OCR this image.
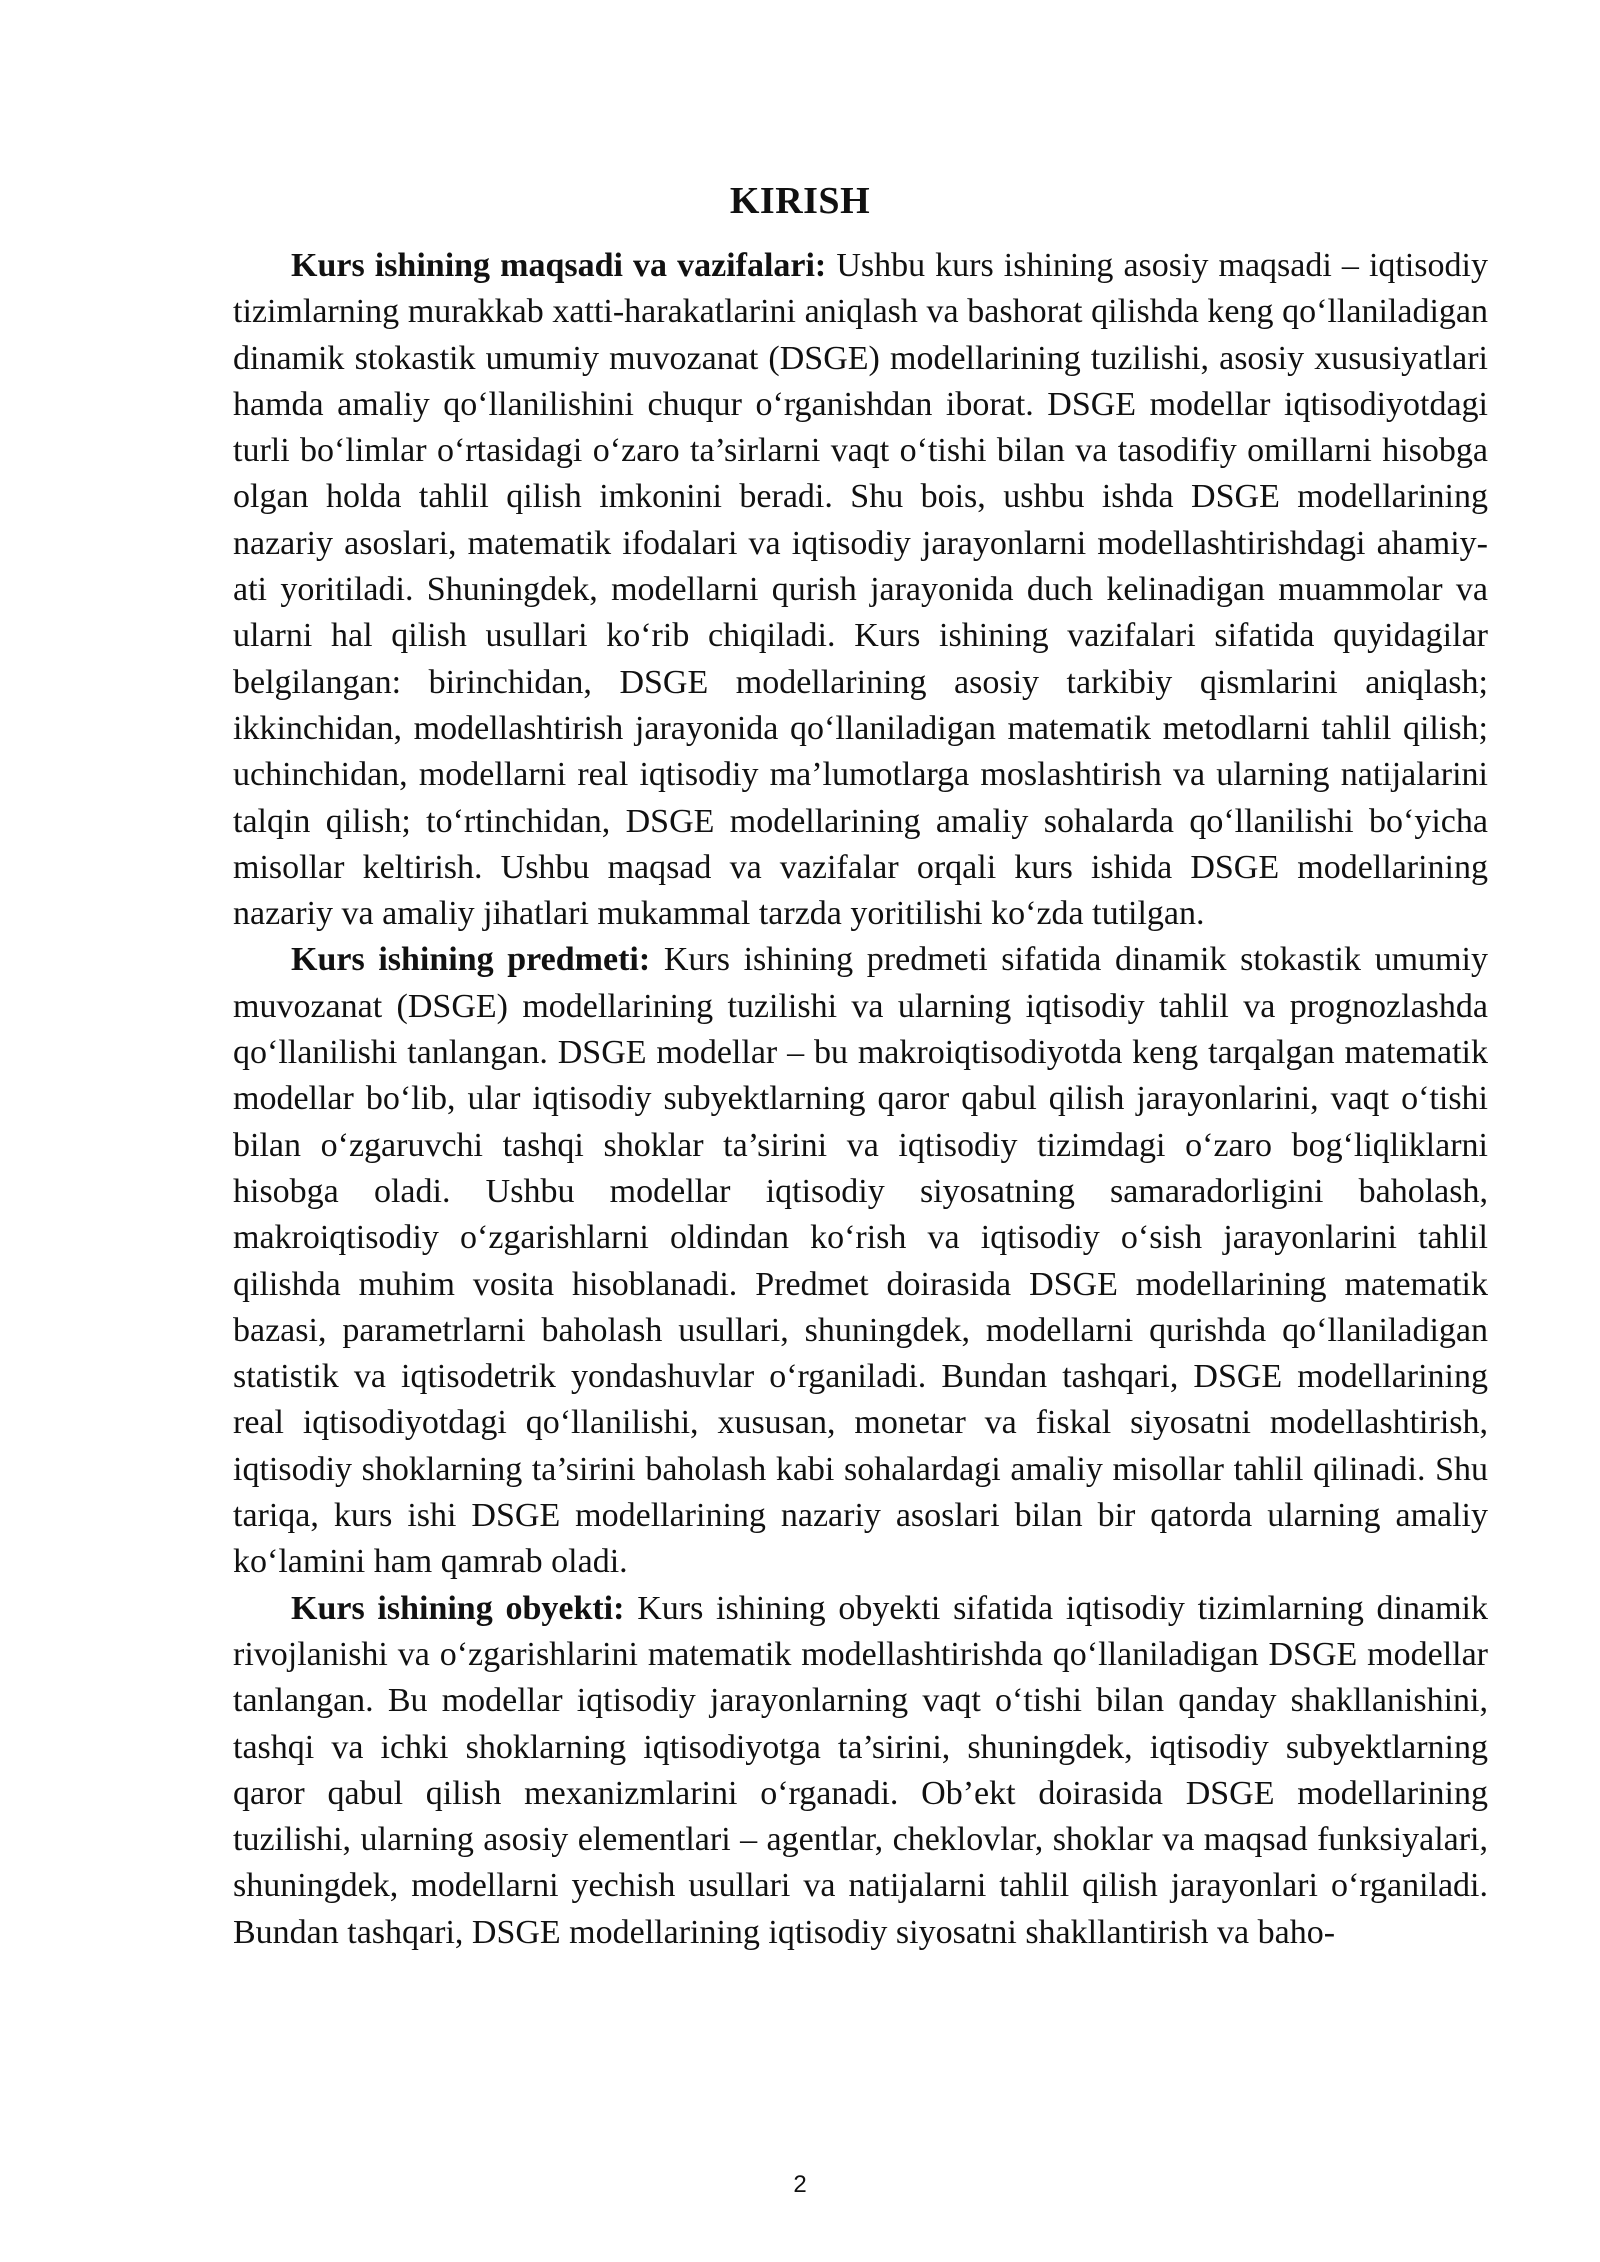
KIRISH

Kurs ishining maqsadi va vazifalari: Ushbu kurs ishining asosiy maqsadi – iqtisodiy tizimlarning murakkab xatti-harakatlarini aniqlash va bashorat qilishda keng qo‘llaniladigan dinamik stokastik umumiy muvozanat (DSGE) modellarining tuzilishi, asosiy xususiyatlari hamda amaliy qo‘llanilishini chuqur o‘rganishdan iborat. DSGE modellar iqtisodiyotdagi turli bo‘limlar o‘rtasidagi o‘zaro ta’sirlarni vaqt o‘tishi bilan va tasodifiy omillarni hisobga olgan holda tahlil qilish imkonini beradi. Shu bois, ushbu ishda DSGE modellarining nazariy asoslari, matematik ifodalari va iqtisodiy jarayonlarni modellashtirishdagi ahamiyati yoritiladi. Shuningdek, modellarni qurish jarayonida duch kelinadigan muammolar va ularni hal qilish usullari ko‘rib chiqiladi. Kurs ishining vazifalari sifatida quyidagilar belgilangan: birinchidan, DSGE modellarining asosiy tarkibiy qismlarini aniqlash; ikkinchidan, modellashtirish jarayonida qo‘llaniladigan matematik metodlarni tahlil qilish; uchinchidan, modellarni real iqtisodiy ma’lumotlarga moslashtirish va ularning natijalarini talqin qilish; to‘rtinchidan, DSGE modellarining amaliy sohalarda qo‘llanilishi bo‘yicha misollar keltirish. Ushbu maqsad va vazifalar orqali kurs ishida DSGE modellarining nazariy va amaliy jihatlari mukammal tarzda yoritilishi ko‘zda tutilgan.

Kurs ishining predmeti: Kurs ishining predmeti sifatida dinamik stokastik umumiy muvozanat (DSGE) modellarining tuzilishi va ularning iqtisodiy tahlil va prognozlashda qo‘llanilishi tanlangan. DSGE modellar – bu makroiqtisodiyotda keng tarqalgan matematik modellar bo‘lib, ular iqtisodiy subyektlarning qaror qabul qilish jarayonlarini, vaqt o‘tishi bilan o‘zgaruvchi tashqi shoklar ta’sirini va iqtisodiy tizimdagi o‘zaro bog‘liqliklarni hisobga oladi. Ushbu modellar iqtisodiy siyosatning samaradorligini baholash, makroiqtisodiy o‘zgarishlarni oldindan ko‘rish va iqtisodiy o‘sish jarayonlarini tahlil qilishda muhim vosita hisoblanadi. Predmet doirasida DSGE modellarining matematik bazasi, parametrlarni baholash usullari, shuningdek, modellarni qurishda qo‘llaniladigan statistik va iqtisodetrik yondashuvlar o‘rganiladi. Bundan tashqari, DSGE modellarining real iqtisodiyotdagi qo‘llanilishi, xususan, monetar va fiskal siyosatni modellashtirish, iqtisodiy shoklarning ta’sirini baholash kabi sohalardagi amaliy misollar tahlil qilinadi. Shu tariqa, kurs ishi DSGE modellarining nazariy asoslari bilan bir qatorda ularning amaliy ko‘lamini ham qamrab oladi.

Kurs ishining obyekti: Kurs ishining obyekti sifatida iqtisodiy tizimlarning dinamik rivojlanishi va o‘zgarishlarini matematik modellashtirishda qo‘llaniladigan DSGE modellar tanlangan. Bu modellar iqtisodiy jarayonlarning vaqt o‘tishi bilan qanday shakllanishini, tashqi va ichki shoklarning iqtisodiyotga ta’sirini, shuningdek, iqtisodiy subyektlarning qaror qabul qilish mexanizmlarini o‘rganadi. Ob’ekt doirasida DSGE modellarining tuzilishi, ularning asosiy elementlari – agentlar, cheklovlar, shoklar va maqsad funksiyalari, shuningdek, modellarni yechish usullari va natijalarni tahlil qilish jarayonlari o‘rganiladi. Bundan tashqari, DSGE modellarining iqtisodiy siyosatni shakllantirish va baho-

2
